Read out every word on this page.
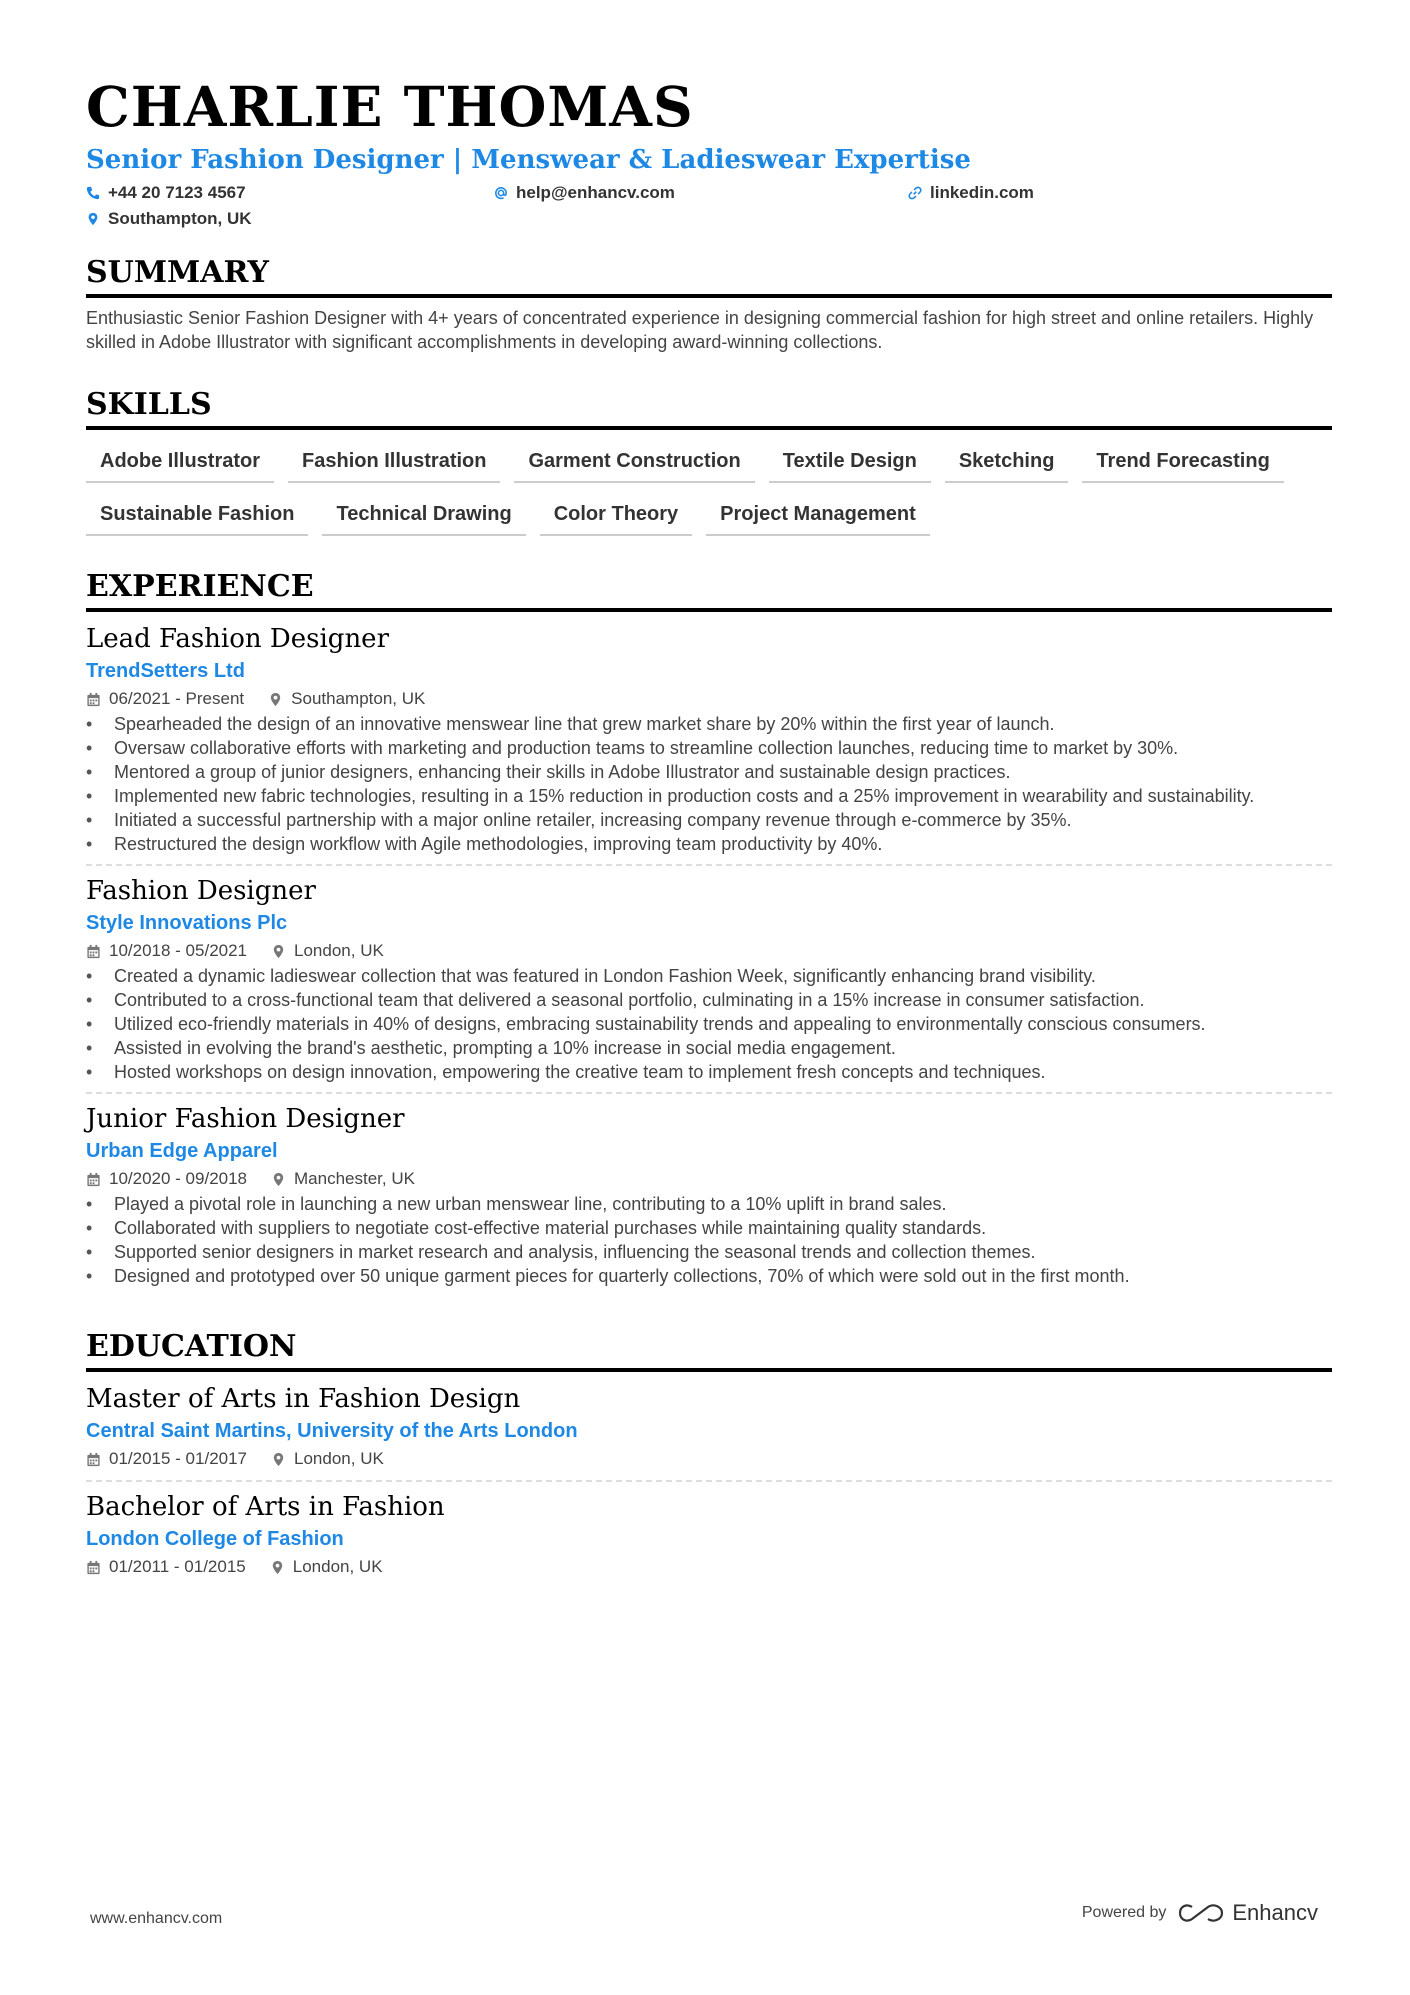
CHARLIE THOMAS
Senior Fashion Designer | Menswear & Ladieswear Expertise
+44 20 7123 4567	help@enhancv.com	linkedin.com
Southampton, UK
SUMMARY
Enthusiastic Senior Fashion Designer with 4+ years of concentrated experience in designing commercial fashion for high street and online retailers. Highly skilled in Adobe Illustrator with significant accomplishments in developing award-winning collections.
SKILLS
Adobe Illustrator	Fashion Illustration	Garment Construction	Textile Design	Sketching	Trend Forecasting
Sustainable Fashion	Technical Drawing	Color Theory	Project Management
EXPERIENCE
Lead Fashion Designer
TrendSetters Ltd
06/2021 - Present	Southampton, UK
• Spearheaded the design of an innovative menswear line that grew market share by 20% within the first year of launch.
• Oversaw collaborative efforts with marketing and production teams to streamline collection launches, reducing time to market by 30%.
• Mentored a group of junior designers, enhancing their skills in Adobe Illustrator and sustainable design practices.
• Implemented new fabric technologies, resulting in a 15% reduction in production costs and a 25% improvement in wearability and sustainability.
• Initiated a successful partnership with a major online retailer, increasing company revenue through e-commerce by 35%.
• Restructured the design workflow with Agile methodologies, improving team productivity by 40%.
Fashion Designer
Style Innovations Plc
10/2018 - 05/2021	London, UK
• Created a dynamic ladieswear collection that was featured in London Fashion Week, significantly enhancing brand visibility.
• Contributed to a cross-functional team that delivered a seasonal portfolio, culminating in a 15% increase in consumer satisfaction.
• Utilized eco-friendly materials in 40% of designs, embracing sustainability trends and appealing to environmentally conscious consumers.
• Assisted in evolving the brand's aesthetic, prompting a 10% increase in social media engagement.
• Hosted workshops on design innovation, empowering the creative team to implement fresh concepts and techniques.
Junior Fashion Designer
Urban Edge Apparel
10/2020 - 09/2018	Manchester, UK
• Played a pivotal role in launching a new urban menswear line, contributing to a 10% uplift in brand sales.
• Collaborated with suppliers to negotiate cost-effective material purchases while maintaining quality standards.
• Supported senior designers in market research and analysis, influencing the seasonal trends and collection themes.
• Designed and prototyped over 50 unique garment pieces for quarterly collections, 70% of which were sold out in the first month.
EDUCATION
Master of Arts in Fashion Design
Central Saint Martins, University of the Arts London
01/2015 - 01/2017	London, UK
Bachelor of Arts in Fashion
London College of Fashion
01/2011 - 01/2015	London, UK
www.enhancv.com	Powered by	Enhancv
